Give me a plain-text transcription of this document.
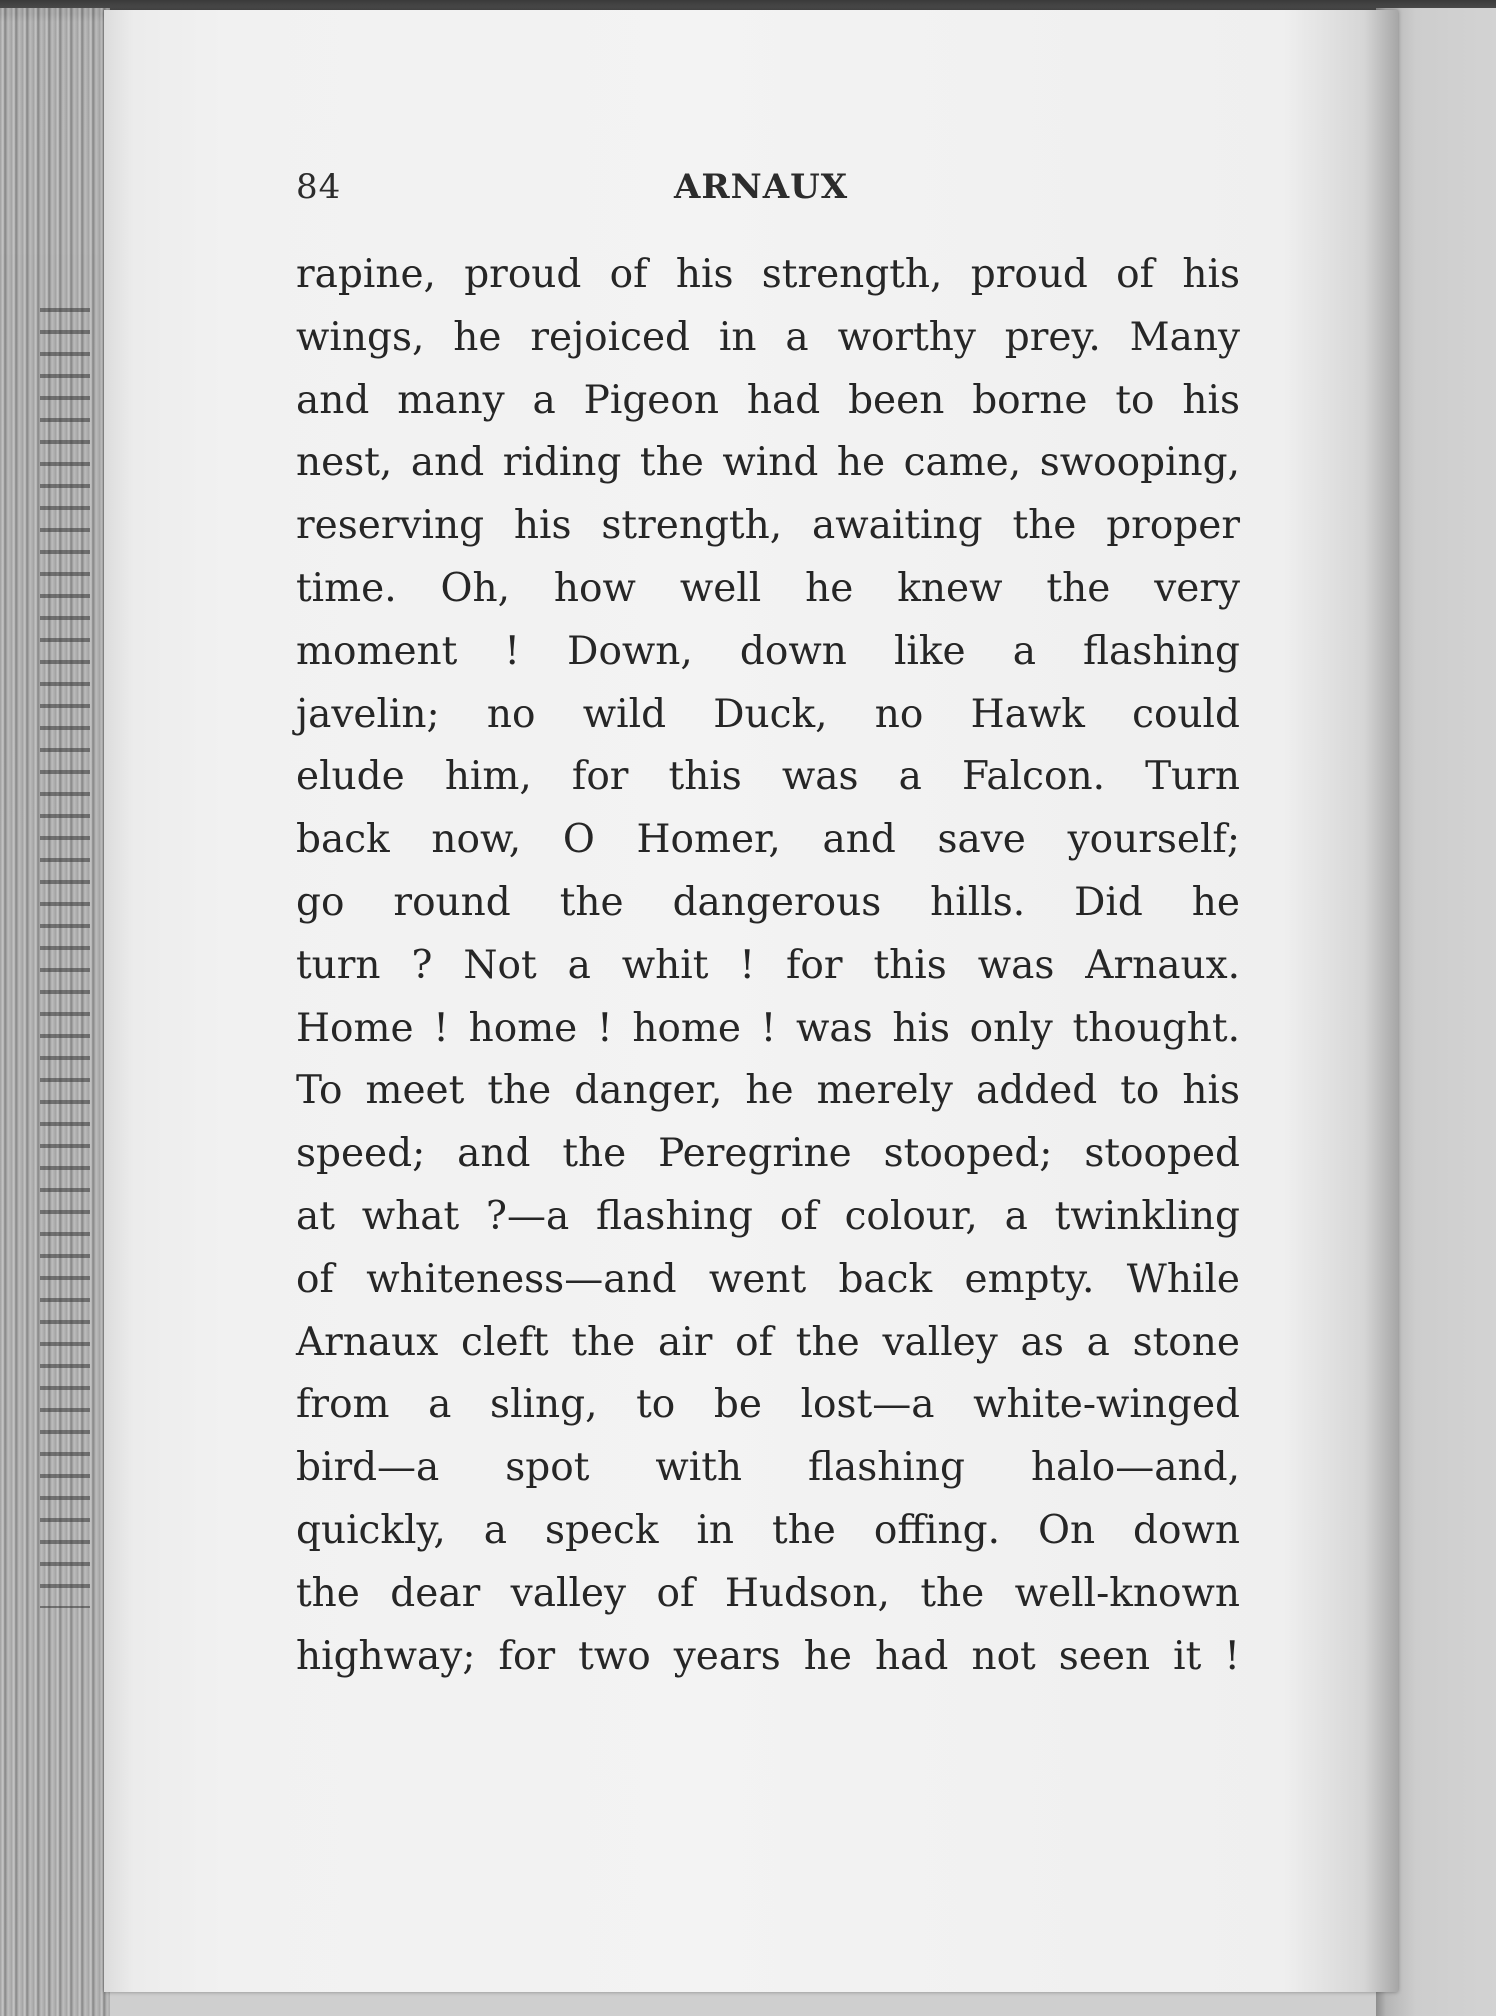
84	ARNAUX
rapine, proud of his strength, proud of his
wings, he rejoiced in a worthy prey. Many
and many a Pigeon had been borne to his
nest, and riding the wind he came, swooping,
reserving his strength, awaiting the proper
time. Oh, how well he knew the very
moment ! Down, down like a flashing
javelin; no wild Duck, no Hawk could
elude him, for this was a Falcon. Turn
back now, O Homer, and save yourself;
go round the dangerous hills. Did he
turn ? Not a whit ! for this was Arnaux.
Home ! home ! home ! was his only thought.
To meet the danger, he merely added to his
speed; and the Peregrine stooped; stooped
at what ?—a flashing of colour, a twinkling
of whiteness—and went back empty. While
Arnaux cleft the air of the valley as a stone
from a sling, to be lost—a white-winged
bird—a spot with flashing halo—and,
quickly, a speck in the offing. On down
the dear valley of Hudson, the well-known
highway; for two years he had not seen it !
